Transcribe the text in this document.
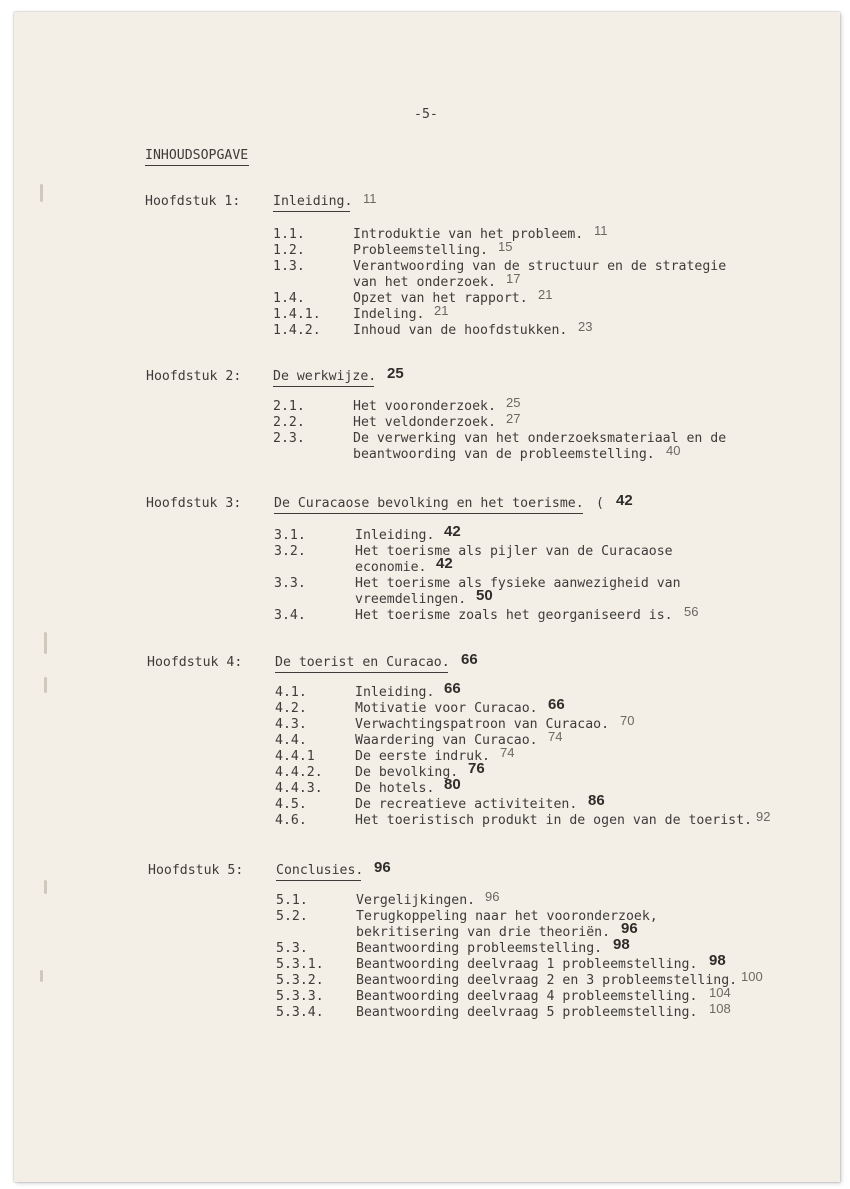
-5-
INHOUDSOPGAVE
Hoofdstuk 1: Inleiding. 11
1.1.	Introduktie van het probleem. 11
1.2.	Probleemstelling. 15
1.3.	Verantwoording van de structuur en de strategie
van het onderzoek. 17
1.4.	Opzet van het rapport. 21
1.4.1. Indeling. 21
1.4.2. Inhoud van de hoofdstukken. 23
Hoofdstuk 2: De werkwijze. 25
2.1.	Het vooronderzoek. 25
2.2.	Het veldonderzoek. 27
2.3.	De verwerking van het onderzoeksmateriaal en de
beantwoording van de probleemstelling. 40
Hoofdstuk 3: De Curacaose bevolking en het toerisme. ( 42
3.1.	Inleiding. 42
3.2.	Het toerisme als pijler van de Curacaose
economie. 42
3.3.	Het toerisme als fysieke aanwezigheid van
vreemdelingen. 50
3.4.	Het toerisme zoals het georganiseerd is. 56
Hoofdstuk 4: De toerist en Curacao. 66
4.1.	Inleiding. 66
4.2.	Motivatie voor Curacao. 66
4.3.	Verwachtingspatroon van Curacao. 70
4.4.	Waardering van Curacao. 74
4.4.1	De eerste indruk. 74
4.4.2. De bevolking. 76
4.4.3. De hotels. 80
4.5.	De recreatieve activiteiten. 86
4.6.	Het toeristisch produkt in de ogen van de toerist. 92
Hoofdstuk 5: Conclusies. 96
5.1.	Vergelijkingen. 96
5.2.	Terugkoppeling naar het vooronderzoek,
bekritisering van drie theoriën. 96
5.3.	Beantwoording probleemstelling. 98
5.3.1. Beantwoording deelvraag 1 probleemstelling. 98
5.3.2. Beantwoording deelvraag 2 en 3 probleemstelling. 100
5.3.3. Beantwoording deelvraag 4 probleemstelling. 104
5.3.4. Beantwoording deelvraag 5 probleemstelling. 108
